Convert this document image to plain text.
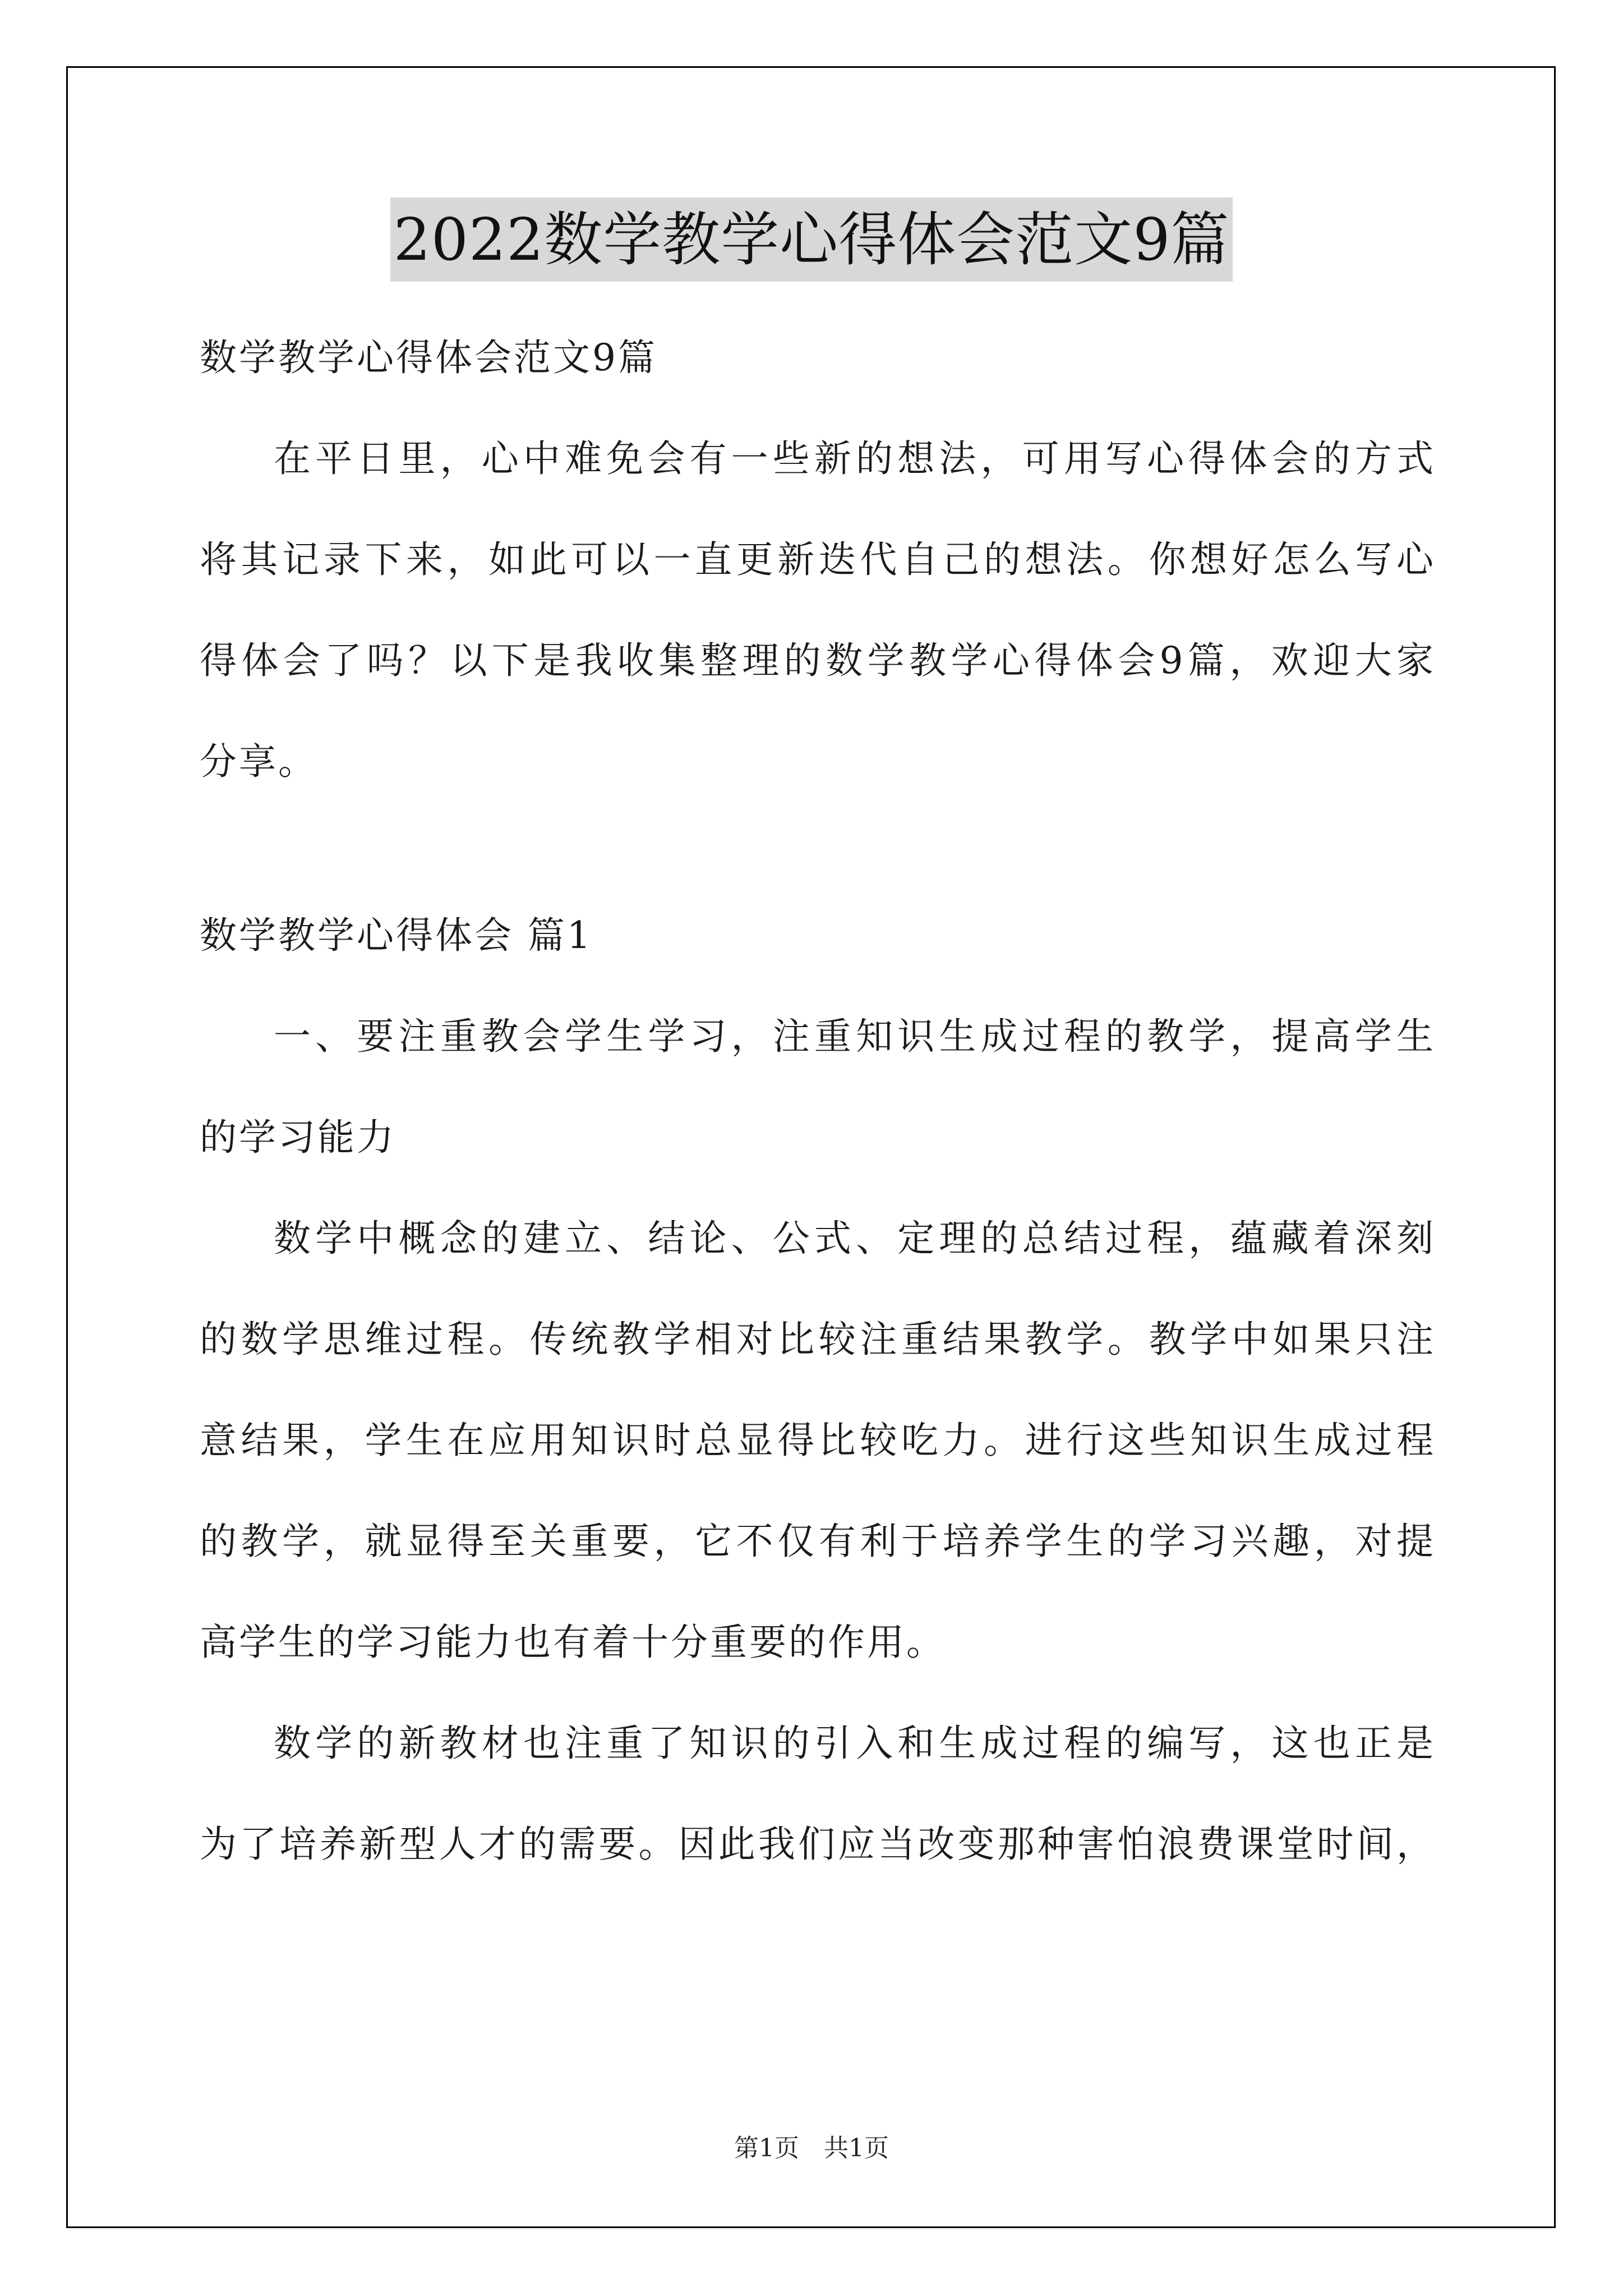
2022数学教学心得体会范文9篇
数学教学心得体会范文9篇
在平日里，心中难免会有一些新的想法，可用写心得体会的方式
将其记录下来，如此可以一直更新迭代自己的想法。你想好怎么写心
得体会了吗？以下是我收集整理的数学教学心得体会9篇，欢迎大家
分享。
数学教学心得体会 篇1
一、要注重教会学生学习，注重知识生成过程的教学，提高学生
的学习能力
数学中概念的建立、结论、公式、定理的总结过程，蕴藏着深刻
的数学思维过程。传统教学相对比较注重结果教学。教学中如果只注
意结果，学生在应用知识时总显得比较吃力。进行这些知识生成过程
的教学，就显得至关重要，它不仅有利于培养学生的学习兴趣，对提
高学生的学习能力也有着十分重要的作用。
数学的新教材也注重了知识的引入和生成过程的编写，这也正是
为了培养新型人才的需要。因此我们应当改变那种害怕浪费课堂时间，
第1页 共1页
